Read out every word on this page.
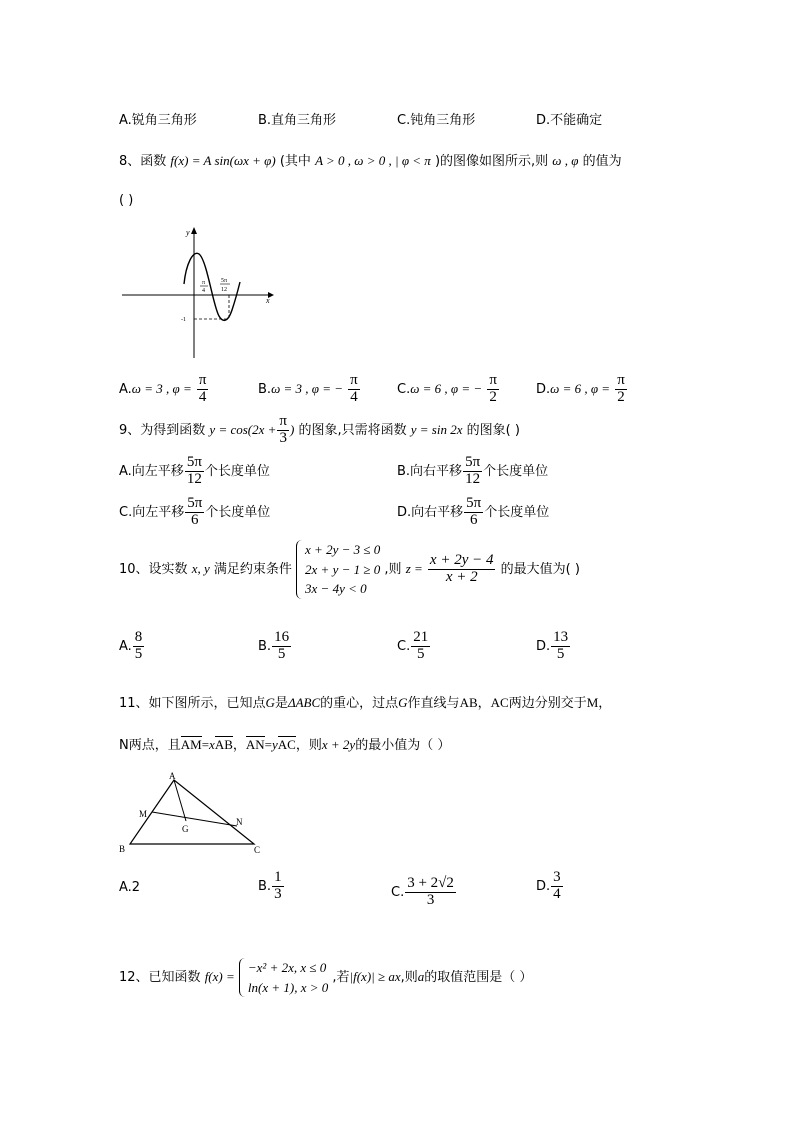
A.锐角三角形	B.直角三角形	C.钝角三角形	D.不能确定
8、函数 f(x) = A sin(ωx + φ) (其中 A > 0 , ω > 0 , | φ < π )的图像如图所示,则 ω , φ 的值为
( )
y
x
-1
π
4
5π
12
A.ω = 3 , $\varphi = \frac{\pi}{4}$	B.ω = 3 , φ = − $\frac{\pi}{4}$	C.ω = 6 , φ = − $\frac{\pi}{2}$	D.ω = 6 , $\varphi = \frac{\pi}{2}$
9、为得到函数 $y = \cos(2x + \frac{\pi}{3}$ ) 的图象,只需将函数 y = sin 2x 的图象( )
A.向左平移 $\frac{5\pi}{12}$ 个长度单位	B.向右平移 $\frac{5\pi}{12}$ 个长度单位
C.向左平移 $\frac{5\pi}{6}$ 个长度单位	D.向右平移 $\frac{5\pi}{6}$ 个长度单位
10、设实数 x, y 满足约束条件
x + 2y − 3 ≤ 0
2x + y − 1 ≥ 0
3x − 4y < 0
,则 $z = \frac{x + 2y - 4}{x + 2}$ 的最大值为( )
A. $\frac{8}{5}$	B. $\frac{16}{5}$	C. $\frac{21}{5}$	D. $\frac{13}{5}$
11、如下图所示，已知点G是ΔABC的重心，过点G作直线与AB，AC两边分别交于M，
N两点，且AM=xAB，AN=yAC，则x + 2y的最小值为（ ）
A
B	C
M
N
G
A.2	B. $\frac{1}{3}$	C. $\frac{3 + 2√2}{3}$	D. $\frac{3}{4}$
12、已知函数 f(x) =
−x² + 2x, x ≤ 0
ln(x + 1), x > 0
,若|f(x)| ≥ ax,则a的取值范围是（ ）
